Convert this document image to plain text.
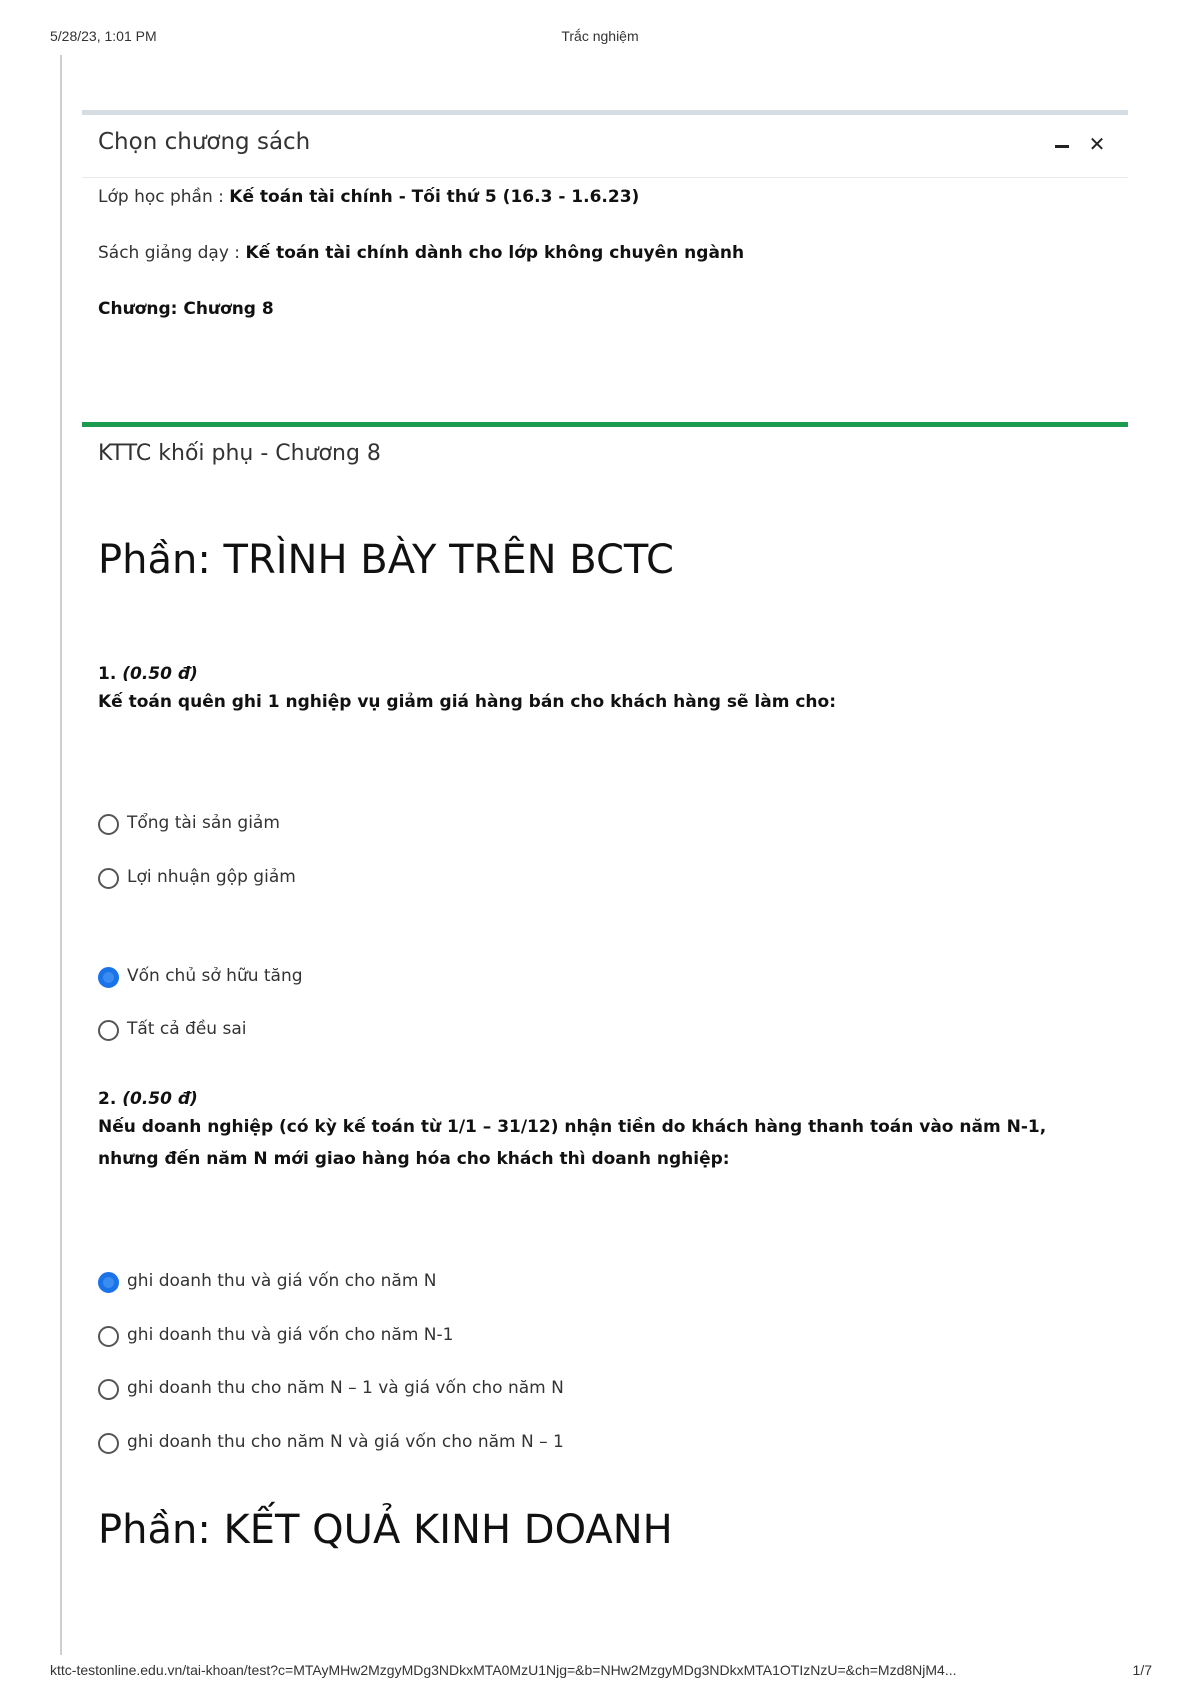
5/28/23, 1:01 PM	Trắc nghiệm
Chọn chương sách	✕
Lớp học phần : Kế toán tài chính - Tối thứ 5 (16.3 - 1.6.23)
Sách giảng dạy : Kế toán tài chính dành cho lớp không chuyên ngành
Chương: Chương 8
KTTC khối phụ - Chương 8
Phần: TRÌNH BÀY TRÊN BCTC
1. (0.50 đ)
Kế toán quên ghi 1 nghiệp vụ giảm giá hàng bán cho khách hàng sẽ làm cho:
Tổng tài sản giảm
Lợi nhuận gộp giảm
Vốn chủ sở hữu tăng
Tất cả đều sai
2. (0.50 đ)
Nếu doanh nghiệp (có kỳ kế toán từ 1/1 – 31/12) nhận tiền do khách hàng thanh toán vào năm N-1, nhưng đến năm N mới giao hàng hóa cho khách thì doanh nghiệp:
ghi doanh thu và giá vốn cho năm N
ghi doanh thu và giá vốn cho năm N-1
ghi doanh thu cho năm N – 1 và giá vốn cho năm N
ghi doanh thu cho năm N và giá vốn cho năm N – 1
Phần: KẾT QUẢ KINH DOANH
kttc-testonline.edu.vn/tai-khoan/test?c=MTAyMHw2MzgyMDg3NDkxMTA0MzU1Njg=&b=NHw2MzgyMDg3NDkxMTA1OTIzNzU=&ch=Mzd8NjM4...	1/7
